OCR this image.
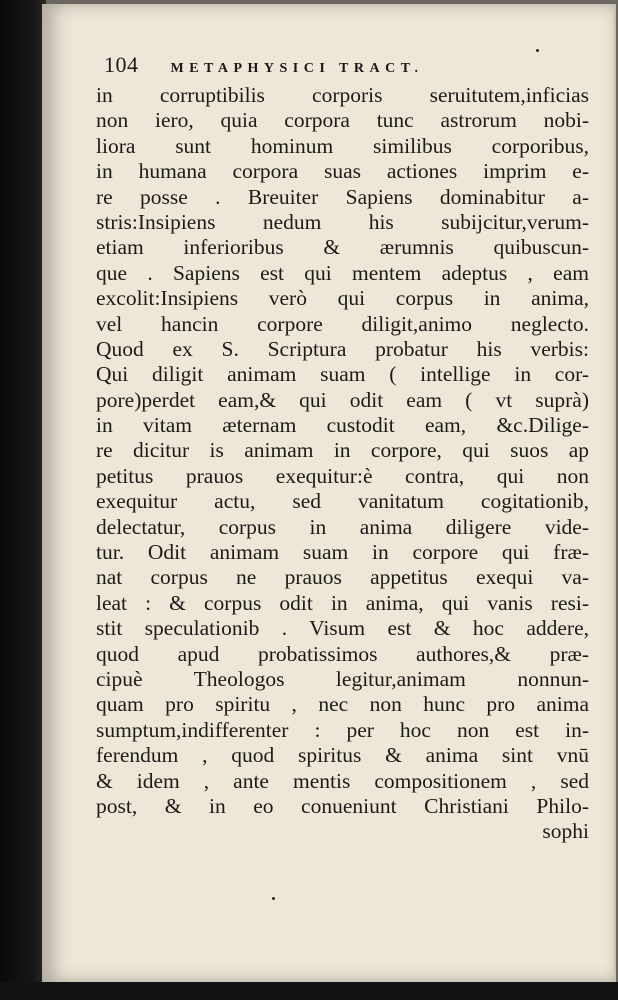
104 METAPHYSICI TRACT.
in corruptibilis corporis seruitutem,inficias
non iero, quia corpora tunc astrorum nobi-
liora sunt hominum similibus corporibus,
in humana corpora suas actiones imprim e-
re posse . Breuiter Sapiens dominabitur a-
stris:Insipiens nedum his subijcitur,verum-
etiam inferioribus & ærumnis quibuscun-
que . Sapiens est qui mentem adeptus , eam
excolit:Insipiens verò qui corpus in anima,
vel hancin corpore diligit,animo neglecto.
Quod ex S. Scriptura probatur his verbis:
Qui diligit animam suam ( intellige in cor-
pore)perdet eam,& qui odit eam ( vt suprà)
in vitam æternam custodit eam, &c.Dilige-
re dicitur is animam in corpore, qui suos ap
petitus prauos exequitur:è contra, qui non
exequitur actu, sed vanitatum cogitationib,
delectatur, corpus in anima diligere vide-
tur. Odit animam suam in corpore qui fræ-
nat corpus ne prauos appetitus exequi va-
leat : & corpus odit in anima, qui vanis resi-
stit speculationib . Visum est & hoc addere,
quod apud probatissimos authores,& præ-
cipuè Theologos legitur,animam nonnun-
quam pro spiritu , nec non hunc pro anima
sumptum,indifferenter : per hoc non est in-
ferendum , quod spiritus & anima sint vnū
& idem , ante mentis compositionem , sed
post, & in eo conueniunt Christiani Philo-
sophi
